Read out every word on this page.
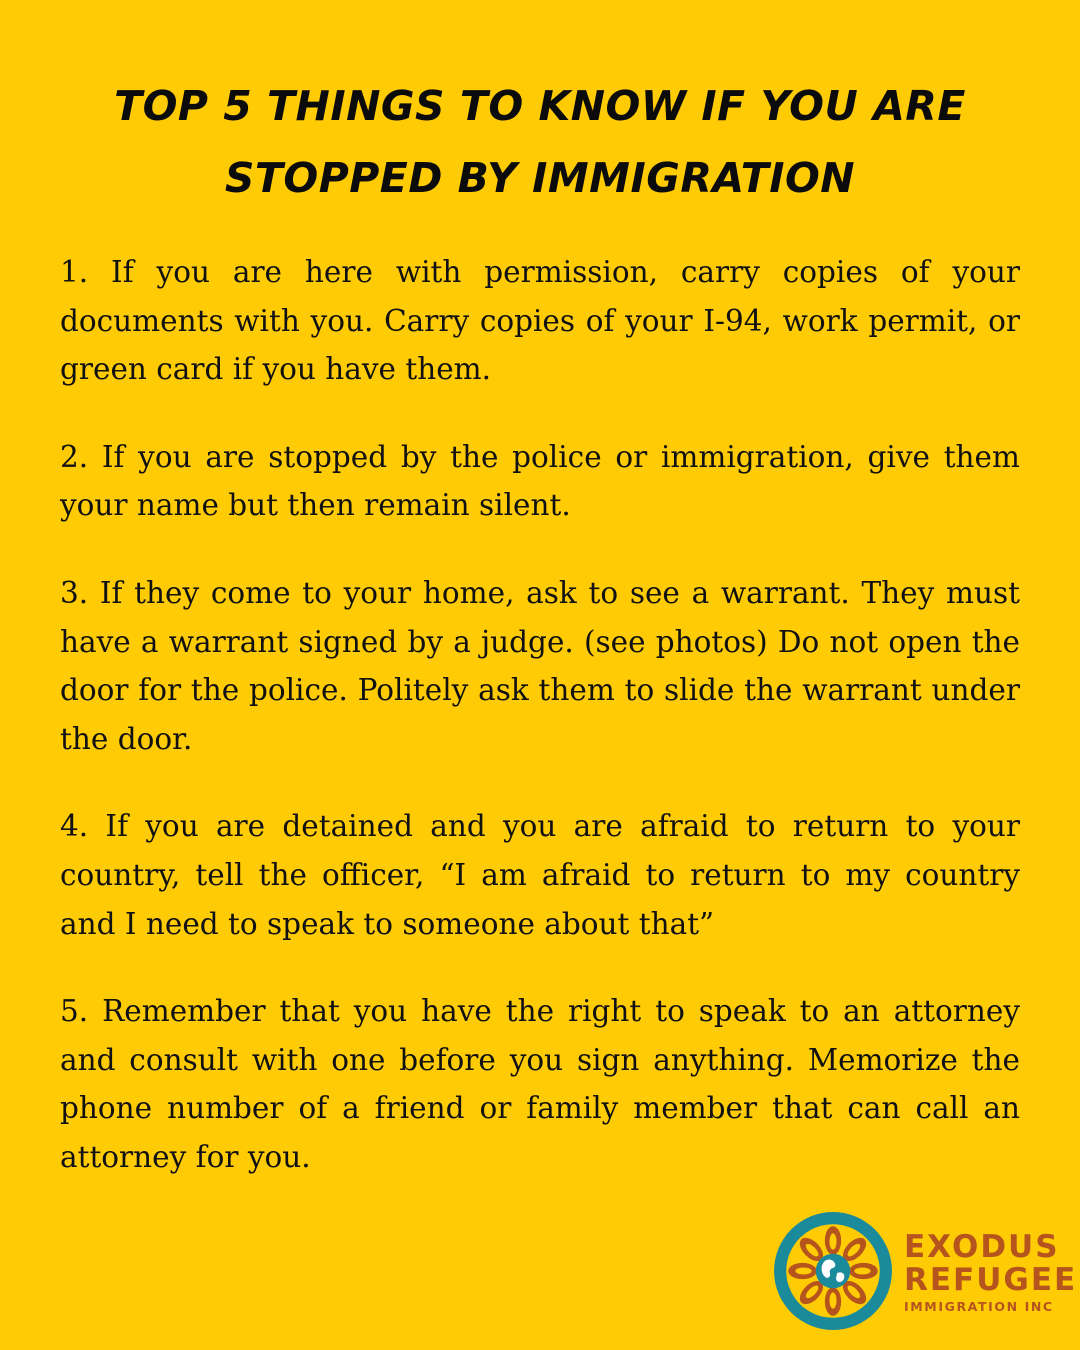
TOP 5 THINGS TO KNOW IF YOU ARE
STOPPED BY IMMIGRATION
1. If you are here with permission, carry copies of your documents with you. Carry copies of your I-94, work permit, or green card if you have them.
2. If you are stopped by the police or immigration, give them your name but then remain silent.
3. If they come to your home, ask to see a warrant. They must have a warrant signed by a judge. (see photos) Do not open the door for the police. Politely ask them to slide the warrant under the door.
4. If you are detained and you are afraid to return to your country, tell the officer, “I am afraid to return to my country and I need to speak to someone about that”
5. Remember that you have the right to speak to an attorney and consult with one before you sign anything. Memorize the phone number of a friend or family member that can call an attorney for you.
EXODUS
REFUGEE
IMMIGRATION INC
